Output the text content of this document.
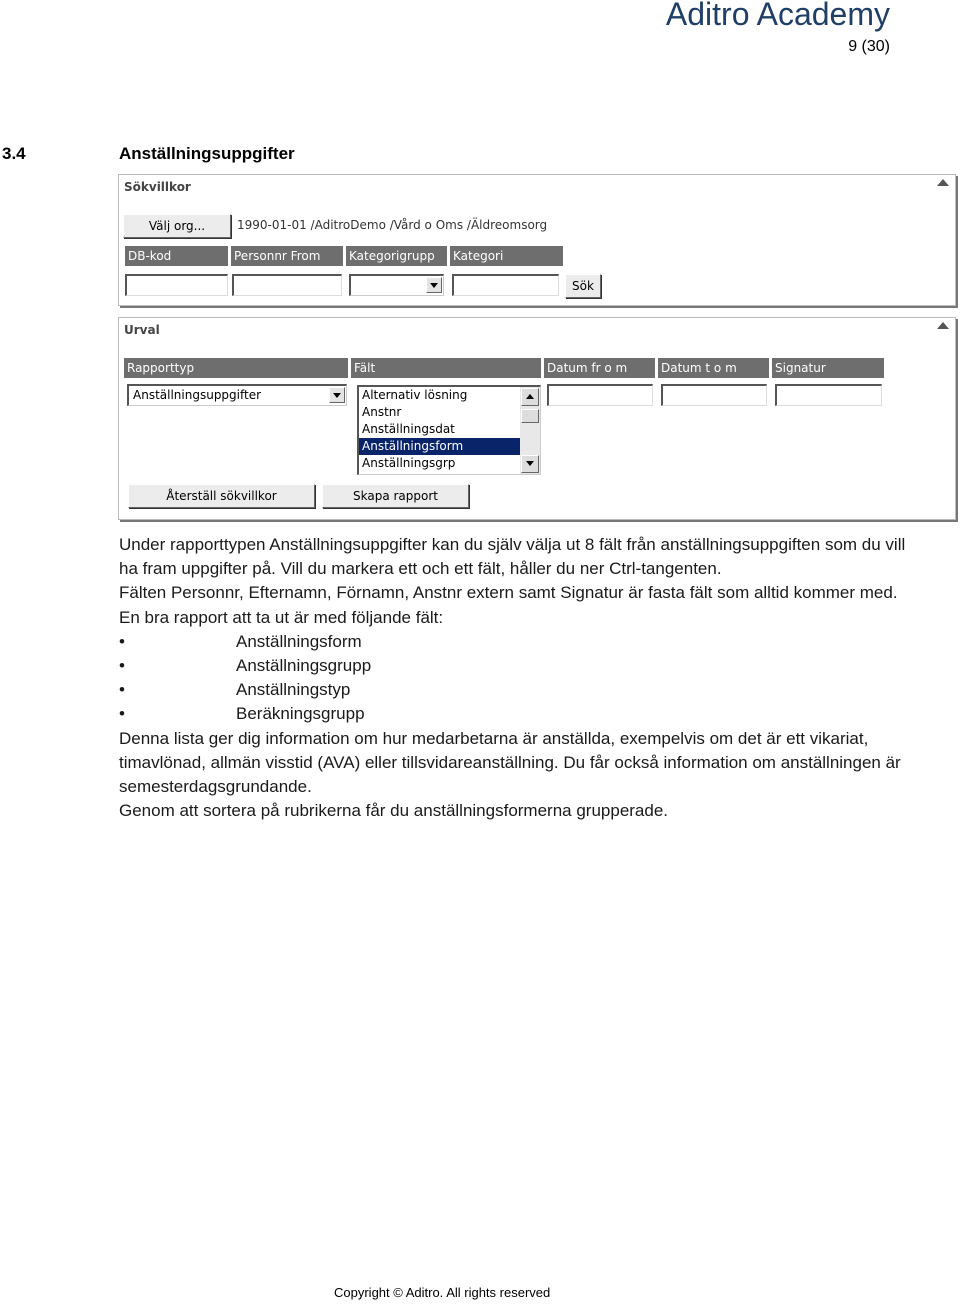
Aditro Academy
9 (30)
3.4	Anställningsuppgifter
Sökvillkor
Välj org...	1990-01-01 /AditroDemo /Vård o Oms /Äldreomsorg
DB-kod	Personnr From	Kategorigrupp	Kategori
Sök
Urval
Rapporttyp	Fält	Datum fr o m	Datum t o m	Signatur
Anställningsuppgifter	Alternativ lösning
Anstnr
Anställningsdat
Anställningsform
Anställningsgrp
Återställ sökvillkor	Skapa rapport

Under rapporttypen Anställningsuppgifter kan du själv välja ut 8 fält från anställningsuppgiften som du vill ha fram uppgifter på. Vill du markera ett och ett fält, håller du ner Ctrl-tangenten.

Fälten Personnr, Efternamn, Förnamn, Anstnr extern samt Signatur är fasta fält som alltid kommer med.

En bra rapport att ta ut är med följande fält:

• Anställningsform
• Anställningsgrupp
• Anställningstyp
• Beräkningsgrupp

Denna lista ger dig information om hur medarbetarna är anställda, exempelvis om det är ett vikariat, timavlönad, allmän visstid (AVA) eller tillsvidareanställning. Du får också information om anställningen är semesterdagsgrundande.

Genom att sortera på rubrikerna får du anställningsformerna grupperade.

Copyright © Aditro. All rights reserved
